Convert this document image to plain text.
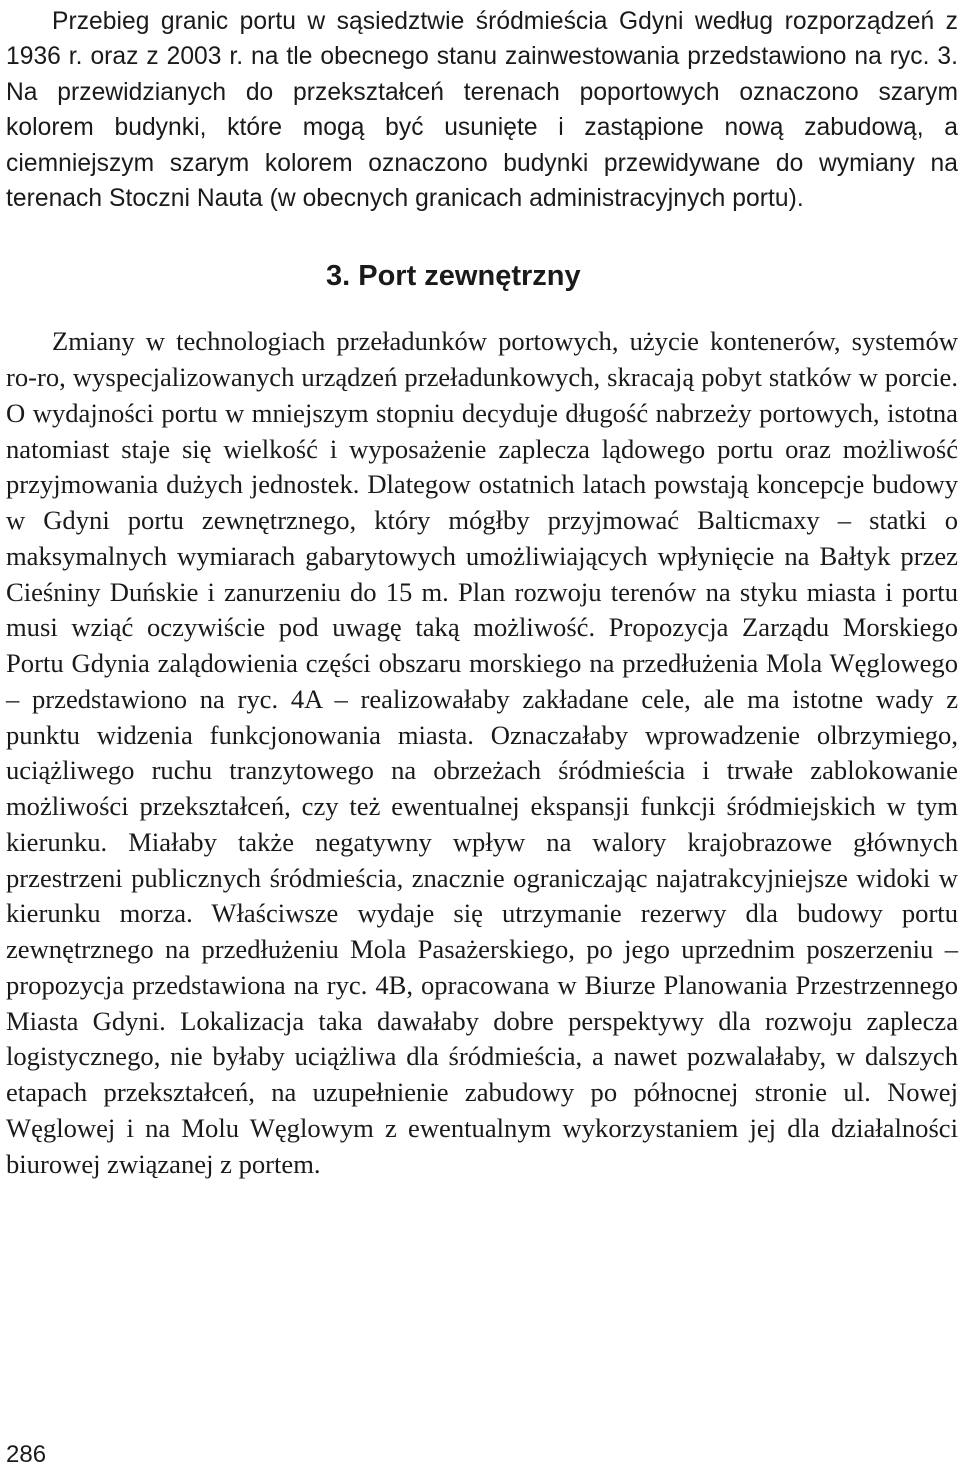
Przebieg granic portu w sąsiedztwie śródmieścia Gdyni według rozporządzeń z 1936 r. oraz z 2003 r. na tle obecnego stanu zainwestowania przedstawiono na ryc. 3. Na przewidzianych do przekształceń terenach poportowych oznaczono szarym kolorem budynki, które mogą być usunięte i zastąpione nową zabudową, a ciemniejszym szarym kolorem oznaczono budynki przewidywane do wymiany na terenach Stoczni Nauta (w obecnych granicach administracyjnych portu).

3. Port zewnętrzny

Zmiany w technologiach przeładunków portowych, użycie kontenerów, systemów ro-ro, wyspecjalizowanych urządzeń przeładunkowych, skracają pobyt statków w porcie. O wydajności portu w mniejszym stopniu decyduje długość nabrzeży portowych, istotna natomiast staje się wielkość i wyposażenie zaplecza lądowego portu oraz możliwość przyjmowania dużych jednostek. Dlategow ostatnich latach powstają koncepcje budowy w Gdyni portu zewnętrznego, który mógłby przyjmować Balticmaxy – statki o maksymalnych wymiarach gabarytowych umożliwiających wpłynięcie na Bałtyk przez Cieśniny Duńskie i zanurzeniu do 15 m. Plan rozwoju terenów na styku miasta i portu musi wziąć oczywiście pod uwagę taką możliwość. Propozycja Zarządu Morskiego Portu Gdynia zalądowienia części obszaru morskiego na przedłużenia Mola Węglowego – przedstawiono na ryc. 4A – realizowałaby zakładane cele, ale ma istotne wady z punktu widzenia funkcjonowania miasta. Oznaczałaby wprowadzenie olbrzymiego, uciążliwego ruchu tranzytowego na obrzeżach śródmieścia i trwałe zablokowanie możliwości przekształceń, czy też ewentualnej ekspansji funkcji śródmiejskich w tym kierunku. Miałaby także negatywny wpływ na walory krajobrazowe głównych przestrzeni publicznych śródmieścia, znacznie ograniczając najatrakcyjniejsze widoki w kierunku morza. Właściwsze wydaje się utrzymanie rezerwy dla budowy portu zewnętrznego na przedłużeniu Mola Pasażerskiego, po jego uprzednim poszerzeniu – propozycja przedstawiona na ryc. 4B, opracowana w Biurze Planowania Przestrzennego Miasta Gdyni. Lokalizacja taka dawałaby dobre perspektywy dla rozwoju zaplecza logistycznego, nie byłaby uciążliwa dla śródmieścia, a nawet pozwalałaby, w dalszych etapach przekształceń, na uzupełnienie zabudowy po północnej stronie ul. Nowej Węglowej i na Molu Węglowym z ewentualnym wykorzystaniem jej dla działalności biurowej związanej z portem.

286
